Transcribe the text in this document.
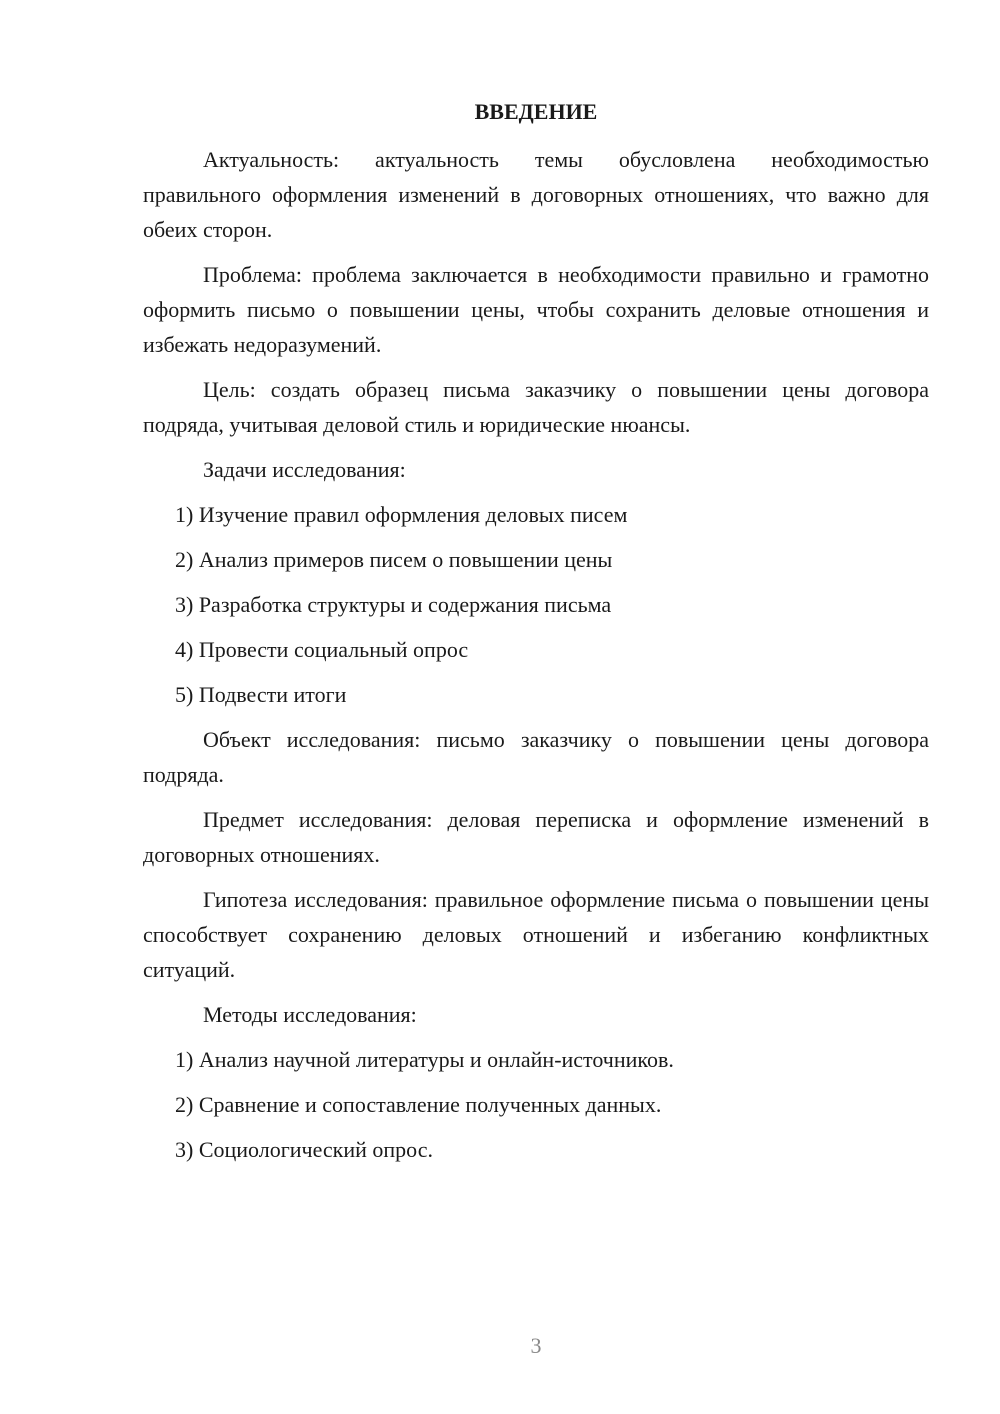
ВВЕДЕНИЕ

Актуальность: актуальность темы обусловлена необходимостью правильного оформления изменений в договорных отношениях, что важно для обеих сторон.

Проблема: проблема заключается в необходимости правильно и грамотно оформить письмо о повышении цены, чтобы сохранить деловые отношения и избежать недоразумений.

Цель: создать образец письма заказчику о повышении цены договора подряда, учитывая деловой стиль и юридические нюансы.

Задачи исследования:

1) Изучение правил оформления деловых писем
2) Анализ примеров писем о повышении цены
3) Разработка структуры и содержания письма
4) Провести социальный опрос
5) Подвести итоги

Объект исследования: письмо заказчику о повышении цены договора подряда.

Предмет исследования: деловая переписка и оформление изменений в договорных отношениях.

Гипотеза исследования: правильное оформление письма о повышении цены способствует сохранению деловых отношений и избеганию конфликтных ситуаций.

Методы исследования:

1) Анализ научной литературы и онлайн-источников.
2) Сравнение и сопоставление полученных данных.
3) Социологический опрос.
3
